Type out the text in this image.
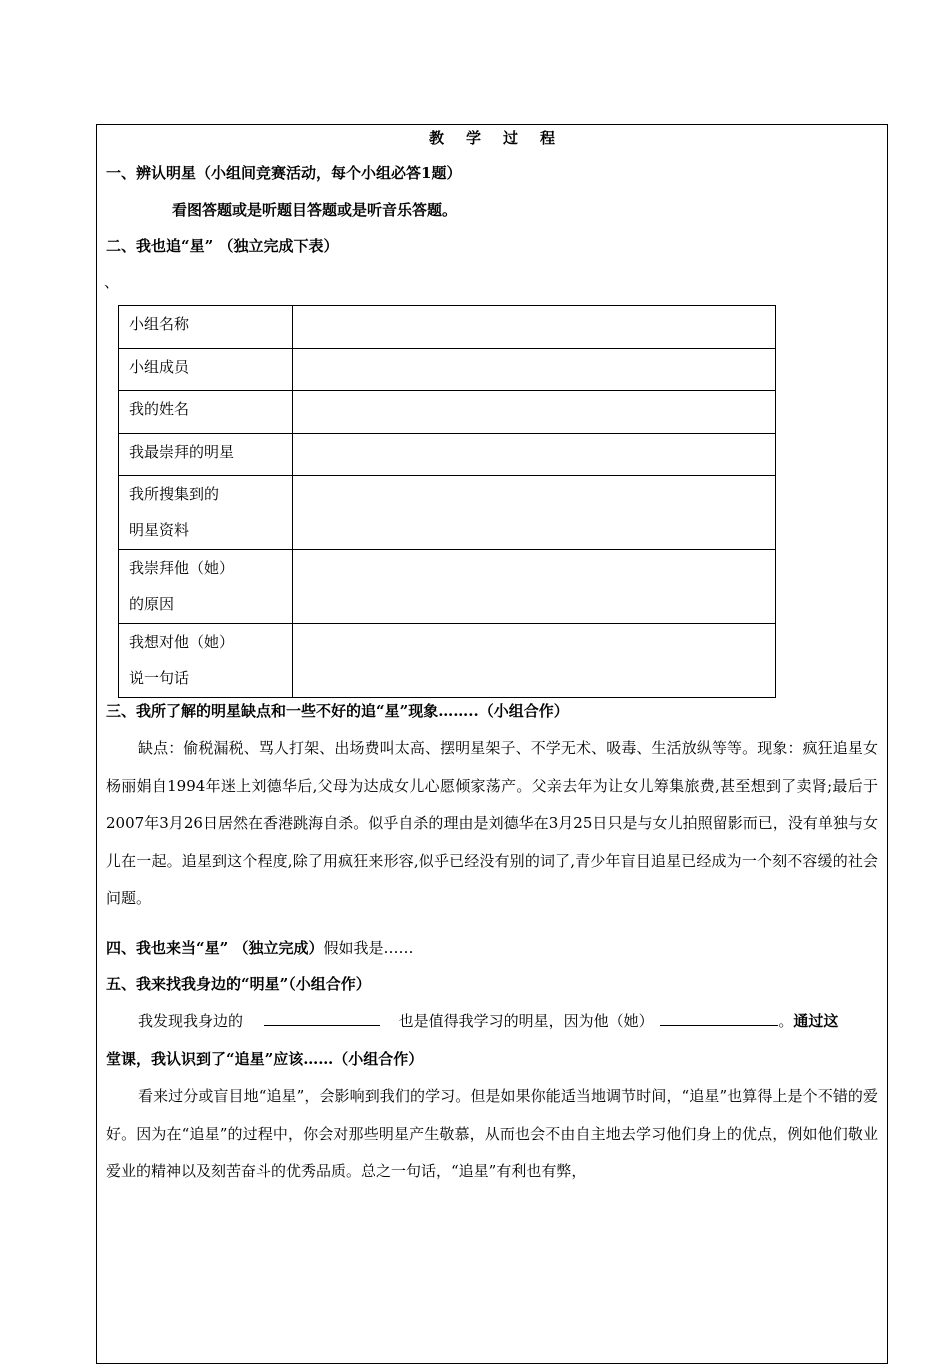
教 学 过 程
一、辨认明星（小组间竞赛活动，每个小组必答1题）
看图答题或是听题目答题或是听音乐答题。
二、我也追“星” （独立完成下表）
、
小组名称	

小组成员	

我的姓名	

我最崇拜的明星	

我所搜集到的
明星资料	

我崇拜他（她）
的原因	

我想对他（她）
说一句话	

三、我所了解的明星缺点和一些不好的追“星”现象……..（小组合作）
缺点：偷税漏税、骂人打架、出场费叫太高、摆明星架子、不学无术、吸毒、生活放纵等等。现象：疯狂追星女杨丽娟自1994年迷上刘德华后,父母为达成女儿心愿倾家荡产。父亲去年为让女儿筹集旅费,甚至想到了卖肾;最后于2007年3月26日居然在香港跳海自杀。似乎自杀的理由是刘德华在3月25日只是与女儿拍照留影而已，没有单独与女儿在一起。追星到这个程度,除了用疯狂来形容,似乎已经没有别的词了,青少年盲目追星已经成为一个刻不容缓的社会问题。
四、我也来当“星” （独立完成）假如我是……
五、我来找我身边的“明星”（小组合作）
我发现我身边的	也是值得我学习的明星，因为他（她）	。通过这
堂课，我认识到了“追星”应该……（小组合作）
看来过分或盲目地“追星”，会影响到我们的学习。但是如果你能适当地调节时间，“追星”也算得上是个不错的爱好。因为在“追星”的过程中，你会对那些明星产生敬慕，从而也会不由自主地去学习他们身上的优点，例如他们敬业爱业的精神以及刻苦奋斗的优秀品质。总之一句话，“追星”有利也有弊，
